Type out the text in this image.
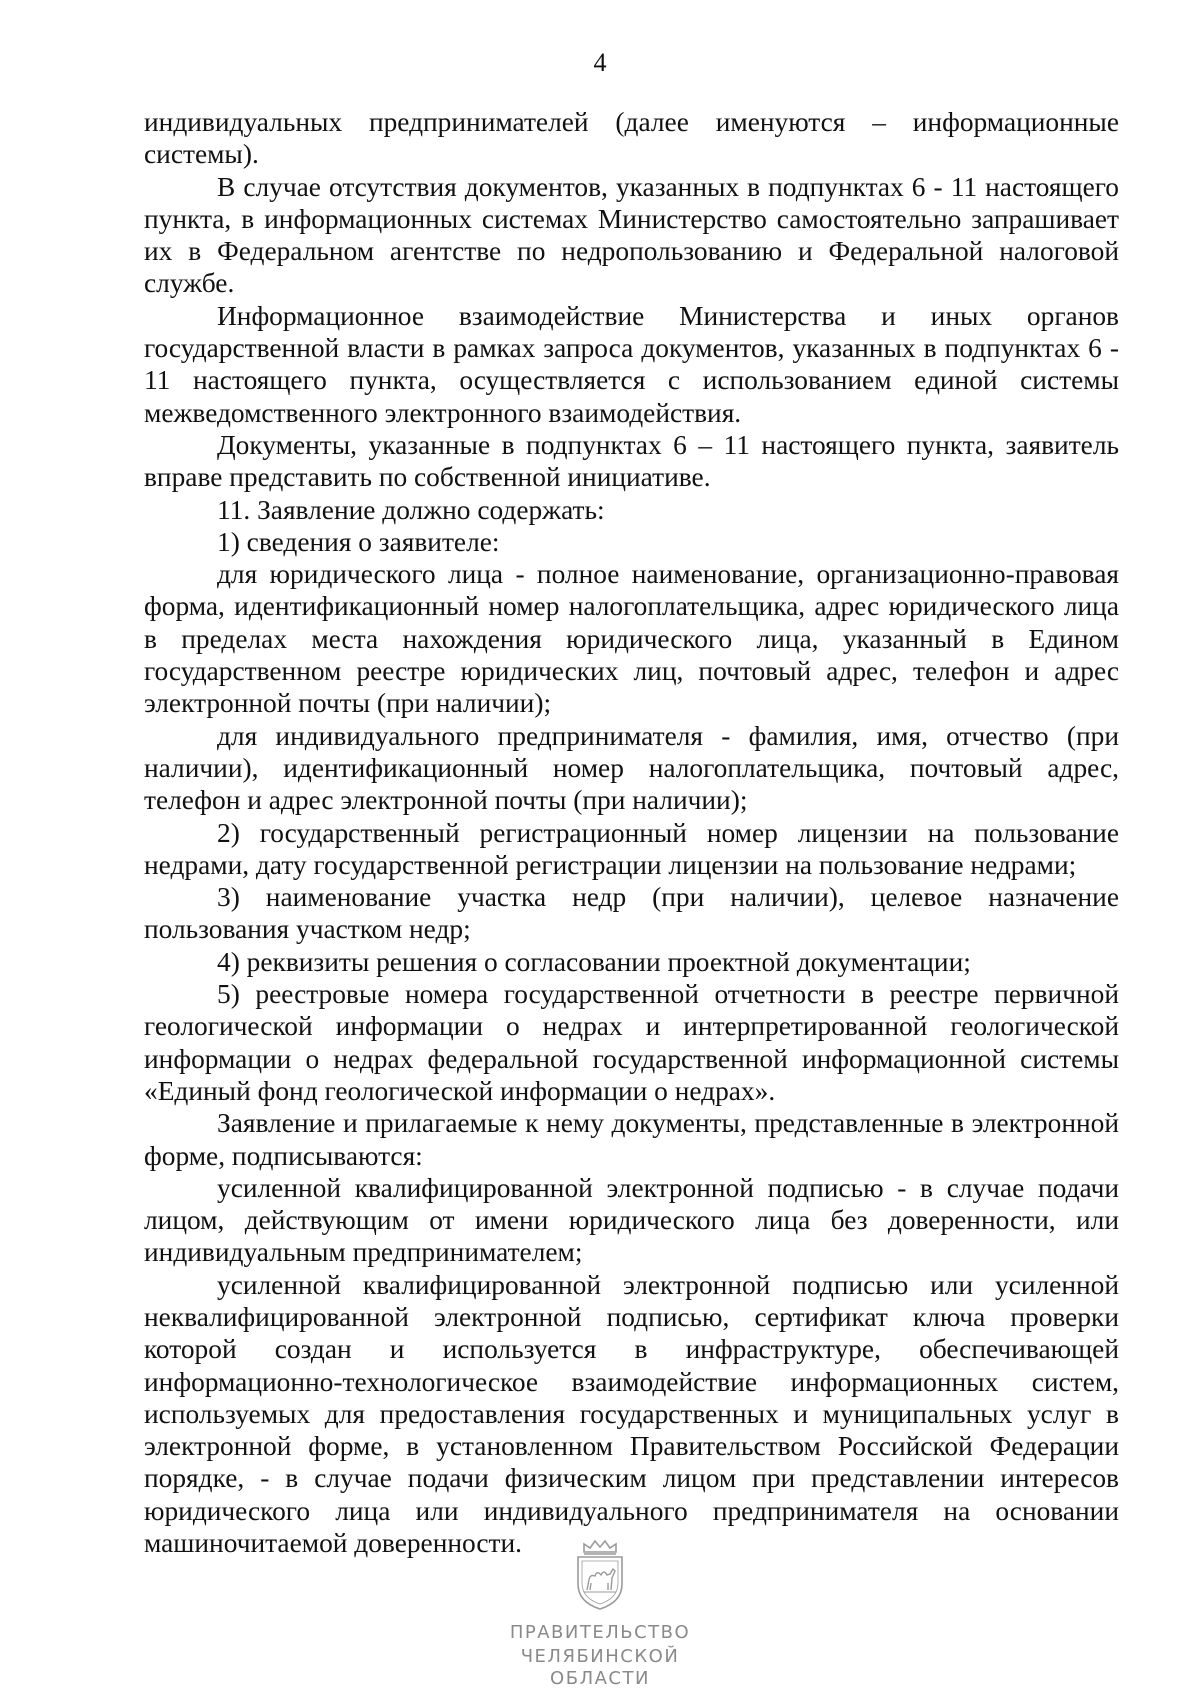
4

индивидуальных предпринимателей (далее именуются – информационные системы).

В случае отсутствия документов, указанных в подпунктах 6 - 11 настоящего пункта, в информационных системах Министерство самостоятельно запрашивает их в Федеральном агентстве по недропользованию и Федеральной налоговой службе.

Информационное взаимодействие Министерства и иных органов государственной власти в рамках запроса документов, указанных в подпунктах 6 - 11 настоящего пункта, осуществляется с использованием единой системы межведомственного электронного взаимодействия.

Документы, указанные в подпунктах 6 – 11 настоящего пункта, заявитель вправе представить по собственной инициативе.

11. Заявление должно содержать:

1) сведения о заявителе:

для юридического лица - полное наименование, организационно-правовая форма, идентификационный номер налогоплательщика, адрес юридического лица в пределах места нахождения юридического лица, указанный в Едином государственном реестре юридических лиц, почтовый адрес, телефон и адрес электронной почты (при наличии);

для индивидуального предпринимателя - фамилия, имя, отчество (при наличии), идентификационный номер налогоплательщика, почтовый адрес, телефон и адрес электронной почты (при наличии);

2) государственный регистрационный номер лицензии на пользование недрами, дату государственной регистрации лицензии на пользование недрами;

3) наименование участка недр (при наличии), целевое назначение пользования участком недр;

4) реквизиты решения о согласовании проектной документации;

5) реестровые номера государственной отчетности в реестре первичной геологической информации о недрах и интерпретированной геологической информации о недрах федеральной государственной информационной системы «Единый фонд геологической информации о недрах».

Заявление и прилагаемые к нему документы, представленные в электронной форме, подписываются:

усиленной квалифицированной электронной подписью - в случае подачи лицом, действующим от имени юридического лица без доверенности, или индивидуальным предпринимателем;

усиленной квалифицированной электронной подписью или усиленной неквалифицированной электронной подписью, сертификат ключа проверки которой создан и используется в инфраструктуре, обеспечивающей информационно-технологическое взаимодействие информационных систем, используемых для предоставления государственных и муниципальных услуг в электронной форме, в установленном Правительством Российской Федерации порядке, - в случае подачи физическим лицом при представлении интересов юридического лица или индивидуального предпринимателя на основании машиночитаемой доверенности.

ПРАВИТЕЛЬСТВО
ЧЕЛЯБИНСКОЙ ОБЛАСТИ
